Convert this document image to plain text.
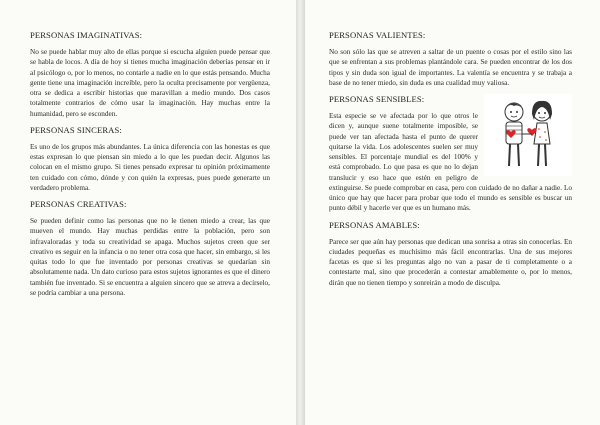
PERSONAS IMAGINATIVAS:

No se puede hablar muy alto de ellas porque si escucha alguien puede pensar que se habla de locos. A día de hoy si tienes mucha imaginación deberías pensar en ir al psicólogo o, por lo menos, no contarle a nadie en lo que estás pensando. Mucha gente tiene una imaginación increíble, pero la oculta precisamente por vergüenza, otra se dedica a escribir historias que maravillan a medio mundo. Dos casos totalmente contrarios de cómo usar la imaginación. Hay muchas entre la humanidad, pero se esconden.

PERSONAS SINCERAS:

Es uno de los grupos más abundantes. La única diferencia con las honestas es que estas expresan lo que piensan sin miedo a lo que les puedan decir. Algunos las colocan en el mismo grupo. Si tienes pensado expresar tu opinión próximamente ten cuidado con cómo, dónde y con quién la expresas, pues puede generarte un verdadero problema.

PERSONAS CREATIVAS:

Se pueden definir como las personas que no le tienen miedo a crear, las que mueven el mundo. Hay muchas perdidas entre la población, pero son infravaloradas y toda su creatividad se apaga. Muchos sujetos creen que ser creativo es seguir en la infancia o no tener otra cosa que hacer, sin embargo, si les quitas todo lo que fue inventado por personas creativas se quedarían sin absolutamente nada. Un dato curioso para estos sujetos ignorantes es que el dinero también fue inventado. Si se encuentra a alguien sincero que se atreva a decírselo, se podría cambiar a una persona.

PERSONAS VALIENTES:

No son sólo las que se atreven a saltar de un puente o cosas por el estilo sino las que se enfrentan a sus problemas plantándole cara. Se pueden encontrar de los dos tipos y sin duda son igual de importantes. La valentía se encuentra y se trabaja a base de no tener miedo, sin duda es una cualidad muy valiosa.

PERSONAS SENSIBLES:

Esta especie se ve afectada por lo que otros le dicen y, aunque suene totalmente imposible, se puede ver tan afectada hasta el punto de querer quitarse la vida. Los adolescentes suelen ser muy sensibles. El porcentaje mundial es del 100% y está comprobado. Lo que pasa es que no lo dejan translucir y eso hace que estén en peligro de extinguirse. Se puede comprobar en casa, pero con cuidado de no dañar a nadie. Lo único que hay que hacer para probar que todo el mundo es sensible es buscar un punto débil y hacerle ver que es un humano más.

PERSONAS AMABLES:

Parece ser que aún hay personas que dedican una sonrisa a otras sin conocerlas. En ciudades pequeñas es muchísimo más fácil encontrarlas. Una de sus mejores facetas es que si les preguntas algo no van a pasar de ti completamente o a contestarte mal, sino que procederán a contestar amablemente o, por lo menos, dirán que no tienen tiempo y sonreirán a modo de disculpa.
